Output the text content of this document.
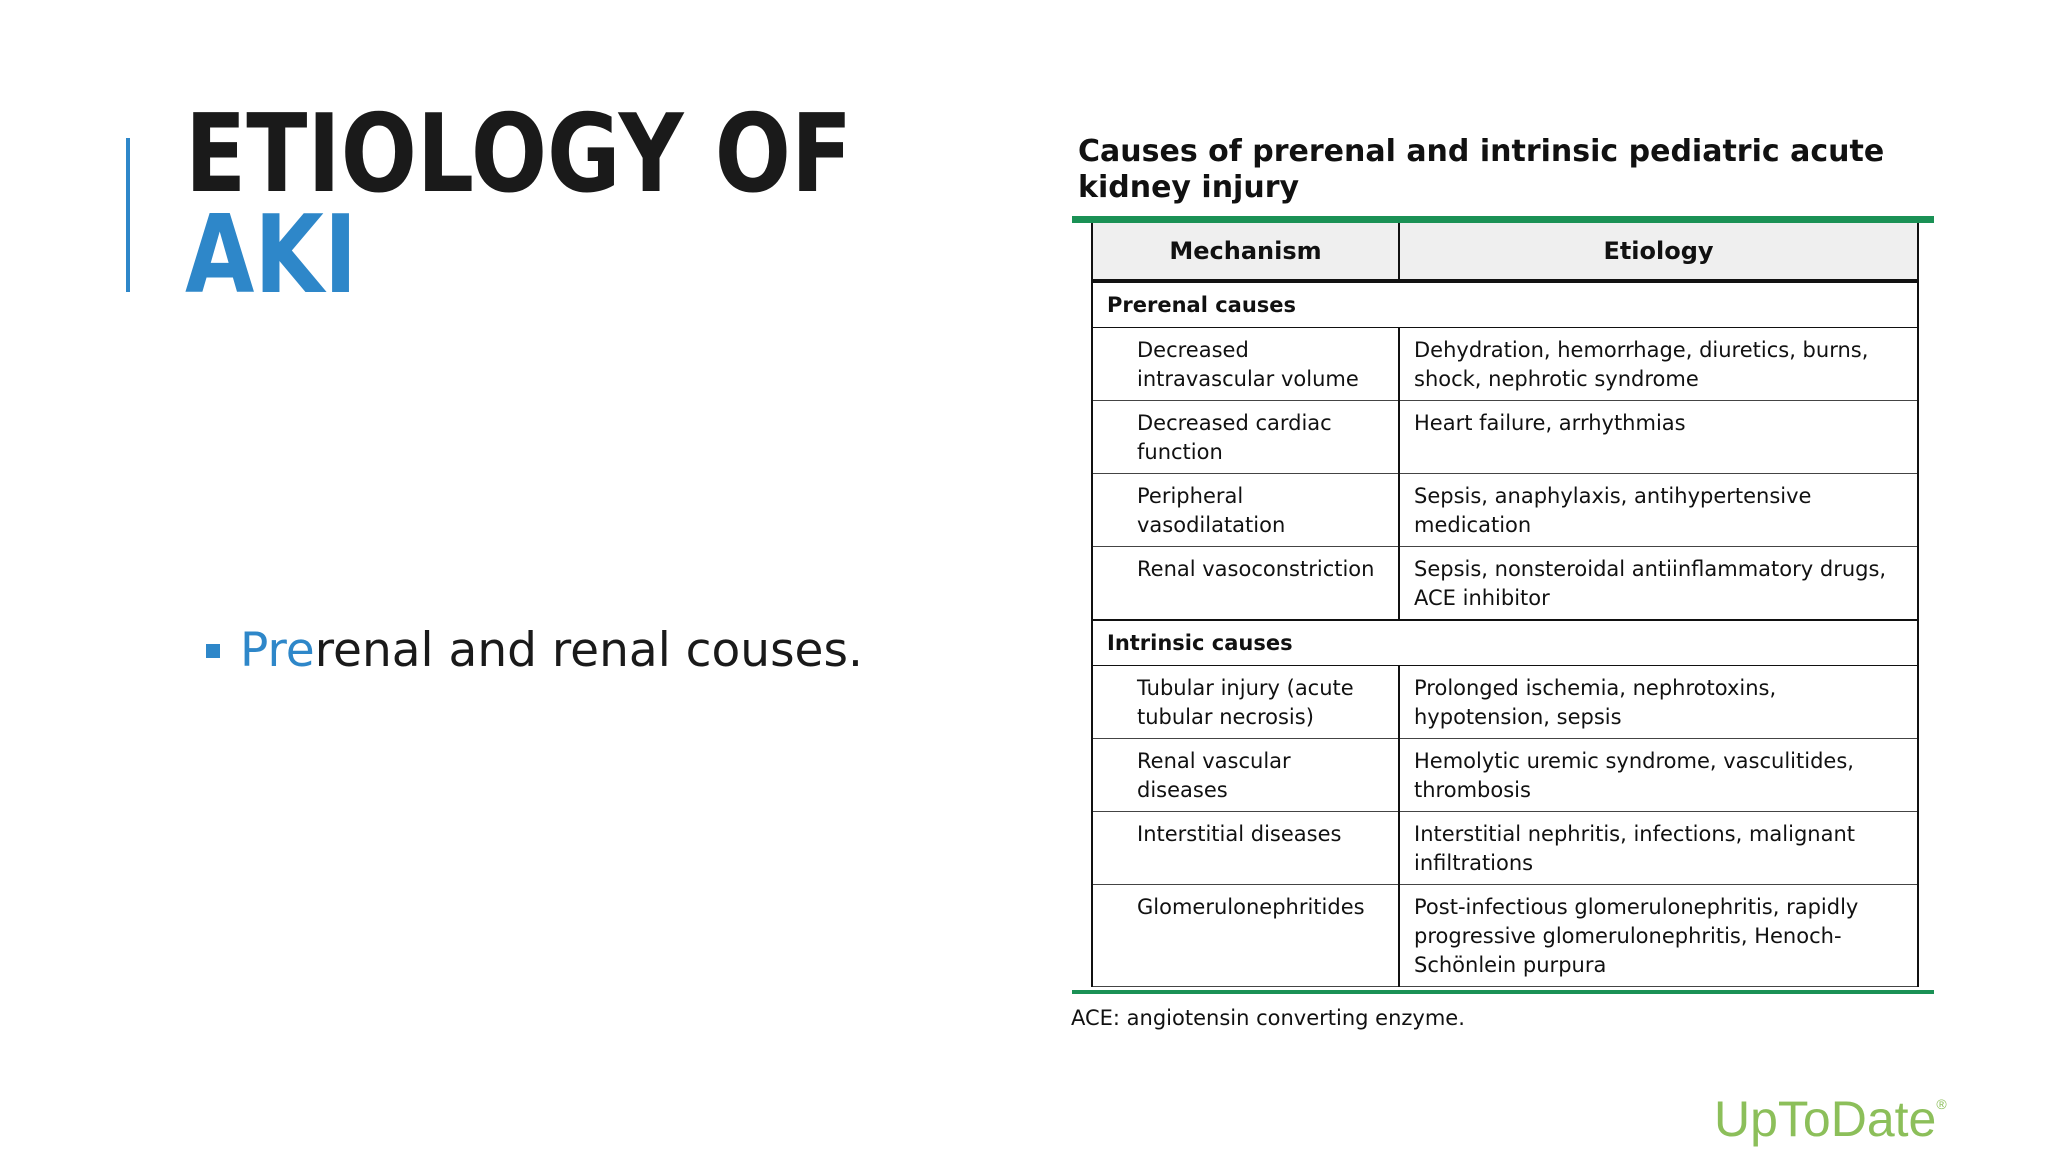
ETIOLOGY OF
AKI
Pre renal and renal couses.
Causes of prerenal and intrinsic pediatric acute kidney injury
Mechanism	Etiology
Prerenal causes	
Decreased intravascular volume	Dehydration, hemorrhage, diuretics, burns, shock, nephrotic syndrome
Decreased cardiac function	Heart failure, arrhythmias
Peripheral vasodilatation	Sepsis, anaphylaxis, antihypertensive medication
Renal vasoconstriction	Sepsis, nonsteroidal antiinflammatory drugs, ACE inhibitor
Intrinsic causes	
Tubular injury (acute tubular necrosis)	Prolonged ischemia, nephrotoxins, hypotension, sepsis
Renal vascular diseases	Hemolytic uremic syndrome, vasculitides, thrombosis
Interstitial diseases	Interstitial nephritis, infections, malignant infiltrations
Glomerulonephritides	Post-infectious glomerulonephritis, rapidly progressive glomerulonephritis, Henoch-Schönlein purpura
ACE: angiotensin converting enzyme.
UpToDate®
